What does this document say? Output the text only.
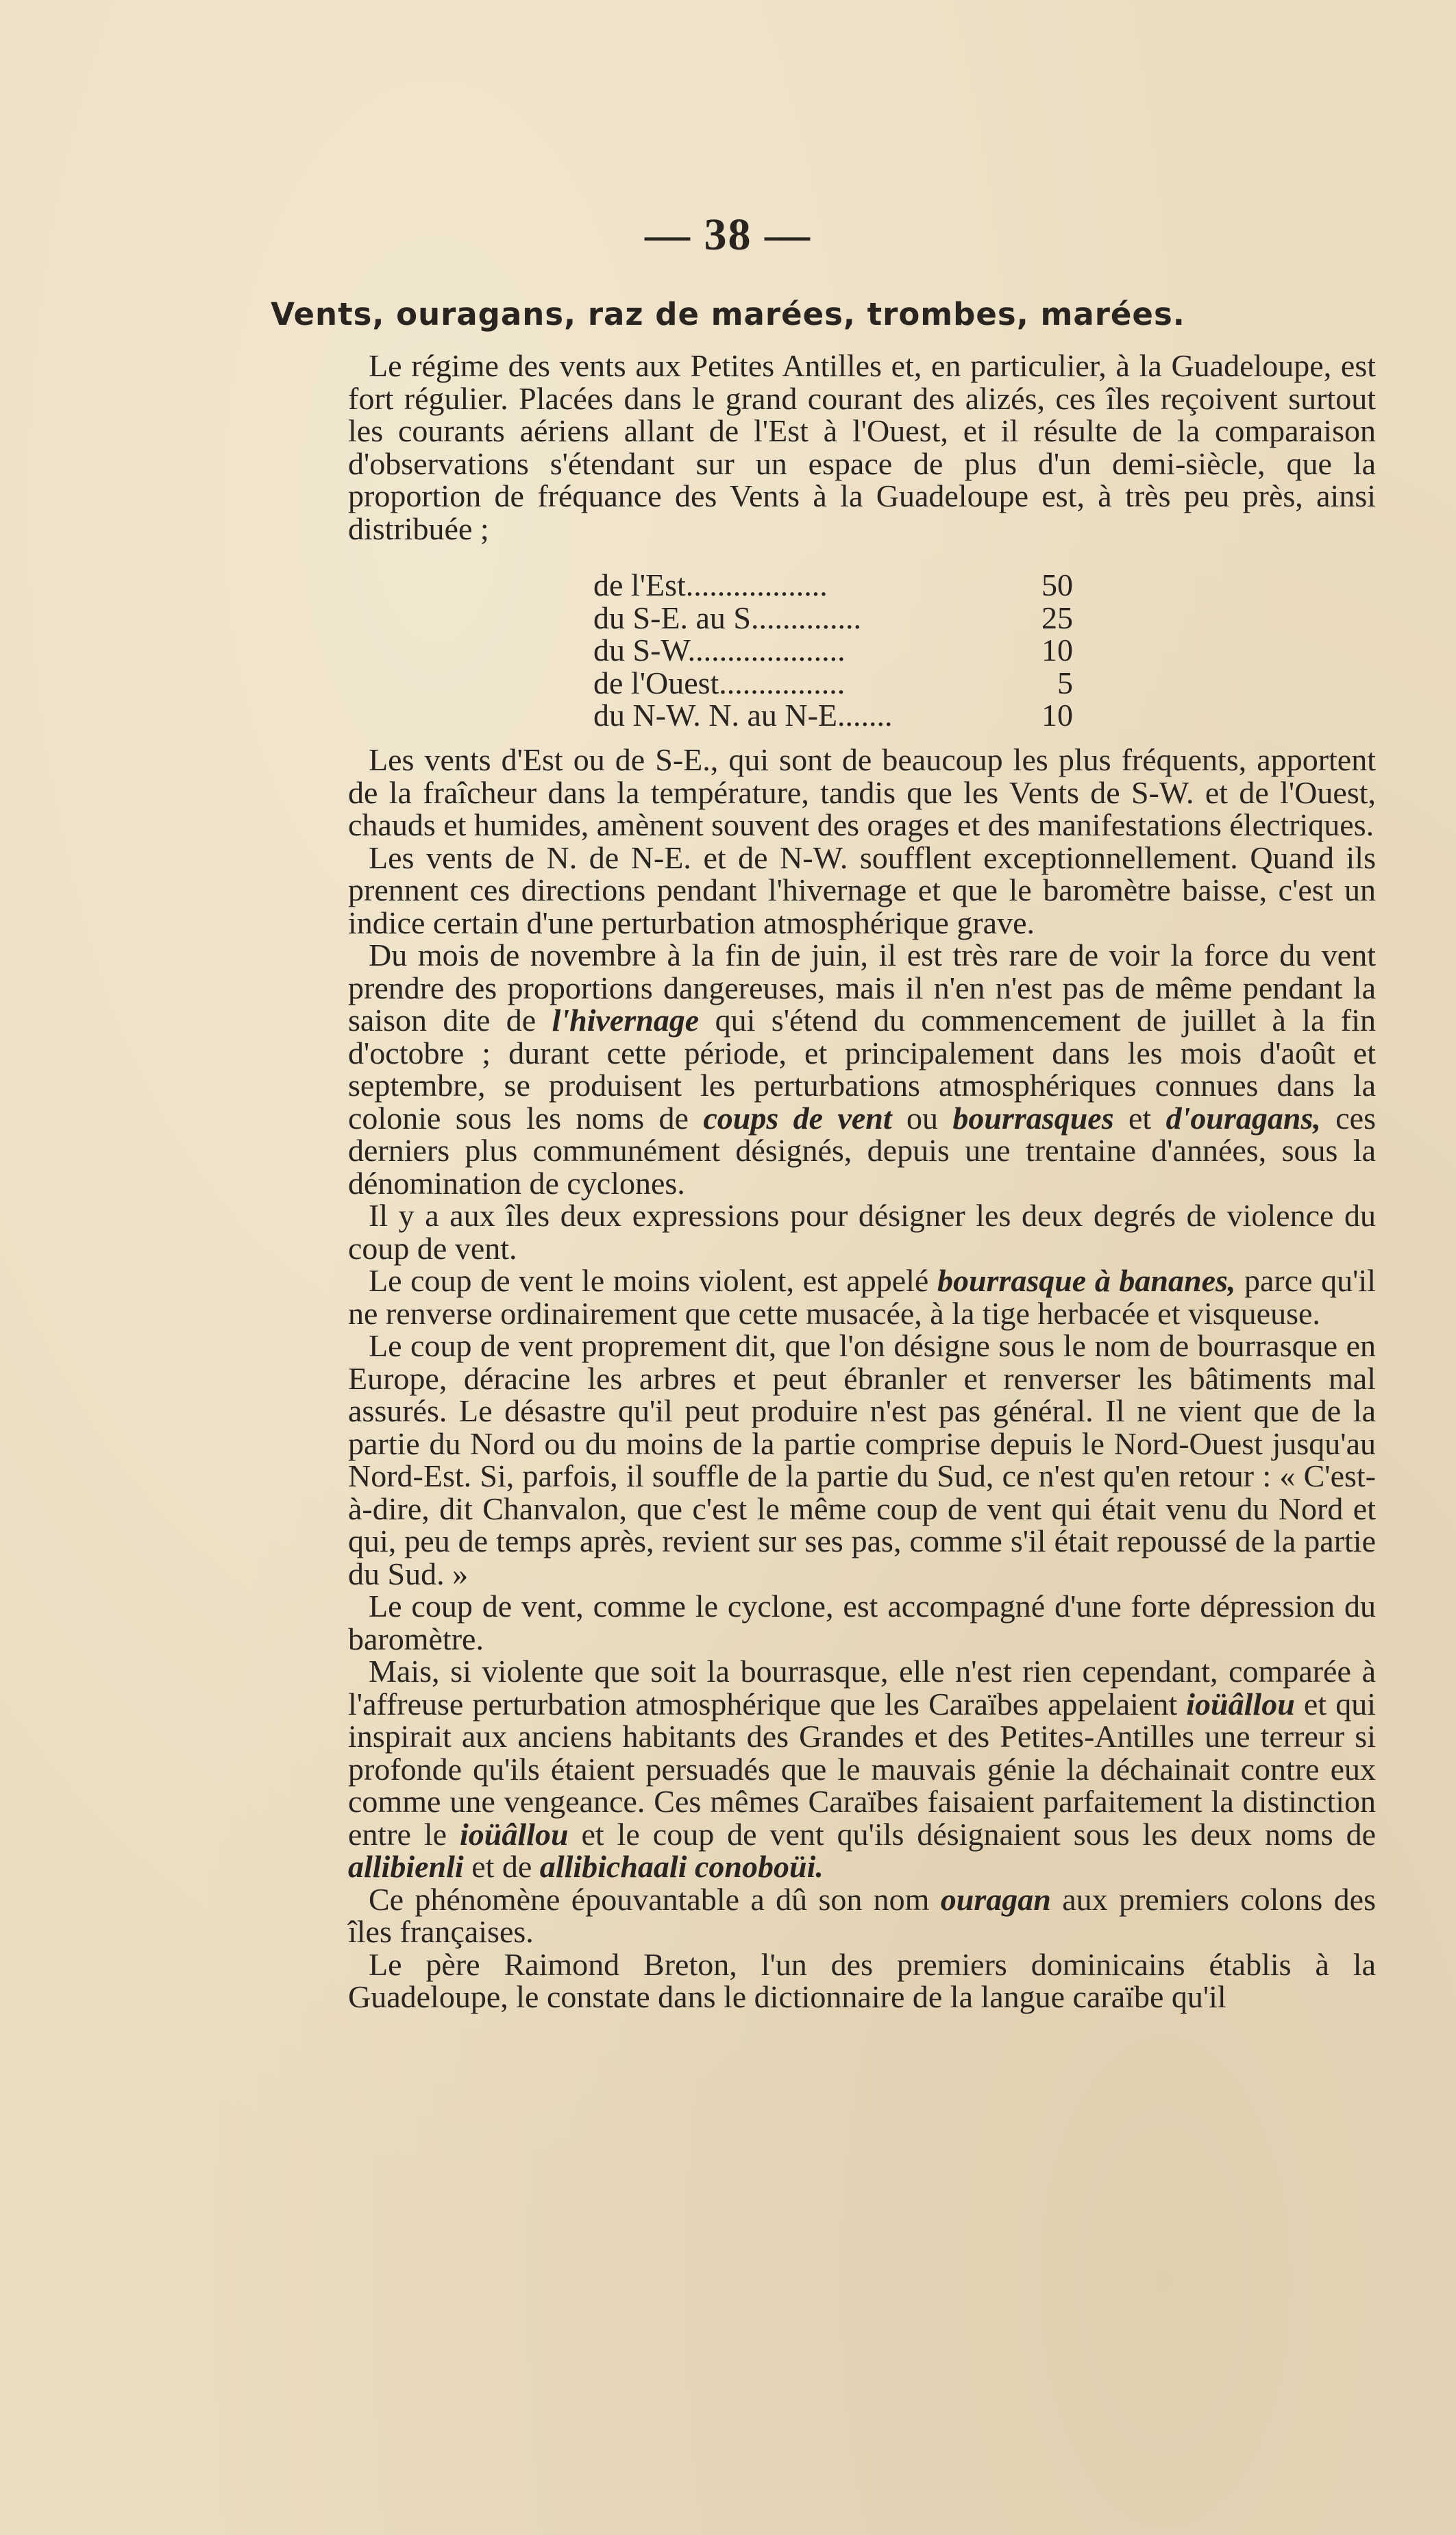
— 38 —
Vents, ouragans, raz de marées, trombes, marées.

Le régime des vents aux Petites Antilles et, en particulier, à la Guadeloupe, est fort régulier. Placées dans le grand courant des alizés, ces îles reçoivent surtout les courants aériens allant de l'Est à l'Ouest, et il résulte de la comparaison d'observations s'étendant sur un espace de plus d'un demi-siècle, que la proportion de fréquance des Vents à la Guadeloupe est, à très peu près, ainsi distribuée ;

de l'Est..................	50
du S-E. au S..............	25
du S-W....................	10
de l'Ouest................	5
du N-W. N. au N-E.......	10

Les vents d'Est ou de S-E., qui sont de beaucoup les plus fréquents, apportent de la fraîcheur dans la température, tandis que les Vents de S-W. et de l'Ouest, chauds et humides, amènent souvent des orages et des manifestations électriques.

Les vents de N. de N-E. et de N-W. soufflent exceptionnellement. Quand ils prennent ces directions pendant l'hivernage et que le baromètre baisse, c'est un indice certain d'une perturbation atmosphérique grave.

Du mois de novembre à la fin de juin, il est très rare de voir la force du vent prendre des proportions dangereuses, mais il n'en n'est pas de même pendant la saison dite de l'hivernage qui s'étend du commencement de juillet à la fin d'octobre ; durant cette période, et principalement dans les mois d'août et septembre, se produisent les perturbations atmosphériques connues dans la colonie sous les noms de coups de vent ou bourrasques et d'ouragans, ces derniers plus communément désignés, depuis une trentaine d'années, sous la dénomination de cyclones.

Il y a aux îles deux expressions pour désigner les deux degrés de violence du coup de vent.

Le coup de vent le moins violent, est appelé bourrasque à bananes, parce qu'il ne renverse ordinairement que cette musacée, à la tige herbacée et visqueuse.

Le coup de vent proprement dit, que l'on désigne sous le nom de bourrasque en Europe, déracine les arbres et peut ébranler et renverser les bâtiments mal assurés. Le désastre qu'il peut produire n'est pas général. Il ne vient que de la partie du Nord ou du moins de la partie comprise depuis le Nord-Ouest jusqu'au Nord-Est. Si, parfois, il souffle de la partie du Sud, ce n'est qu'en retour : « C'est-à-dire, dit Chanvalon, que c'est le même coup de vent qui était venu du Nord et qui, peu de temps après, revient sur ses pas, comme s'il était repoussé de la partie du Sud. »

Le coup de vent, comme le cyclone, est accompagné d'une forte dépression du baromètre.

Mais, si violente que soit la bourrasque, elle n'est rien cependant, comparée à l'affreuse perturbation atmosphérique que les Caraïbes appelaient ioüâllou et qui inspirait aux anciens habitants des Grandes et des Petites-Antilles une terreur si profonde qu'ils étaient persuadés que le mauvais génie la déchainait contre eux comme une vengeance. Ces mêmes Caraïbes faisaient parfaitement la distinction entre le ioüâllou et le coup de vent qu'ils désignaient sous les deux noms de allibienli et de allibichaali conoboüi.

Ce phénomène épouvantable a dû son nom ouragan aux premiers colons des îles françaises.

Le père Raimond Breton, l'un des premiers dominicains établis à la Guadeloupe, le constate dans le dictionnaire de la langue caraïbe qu'il
